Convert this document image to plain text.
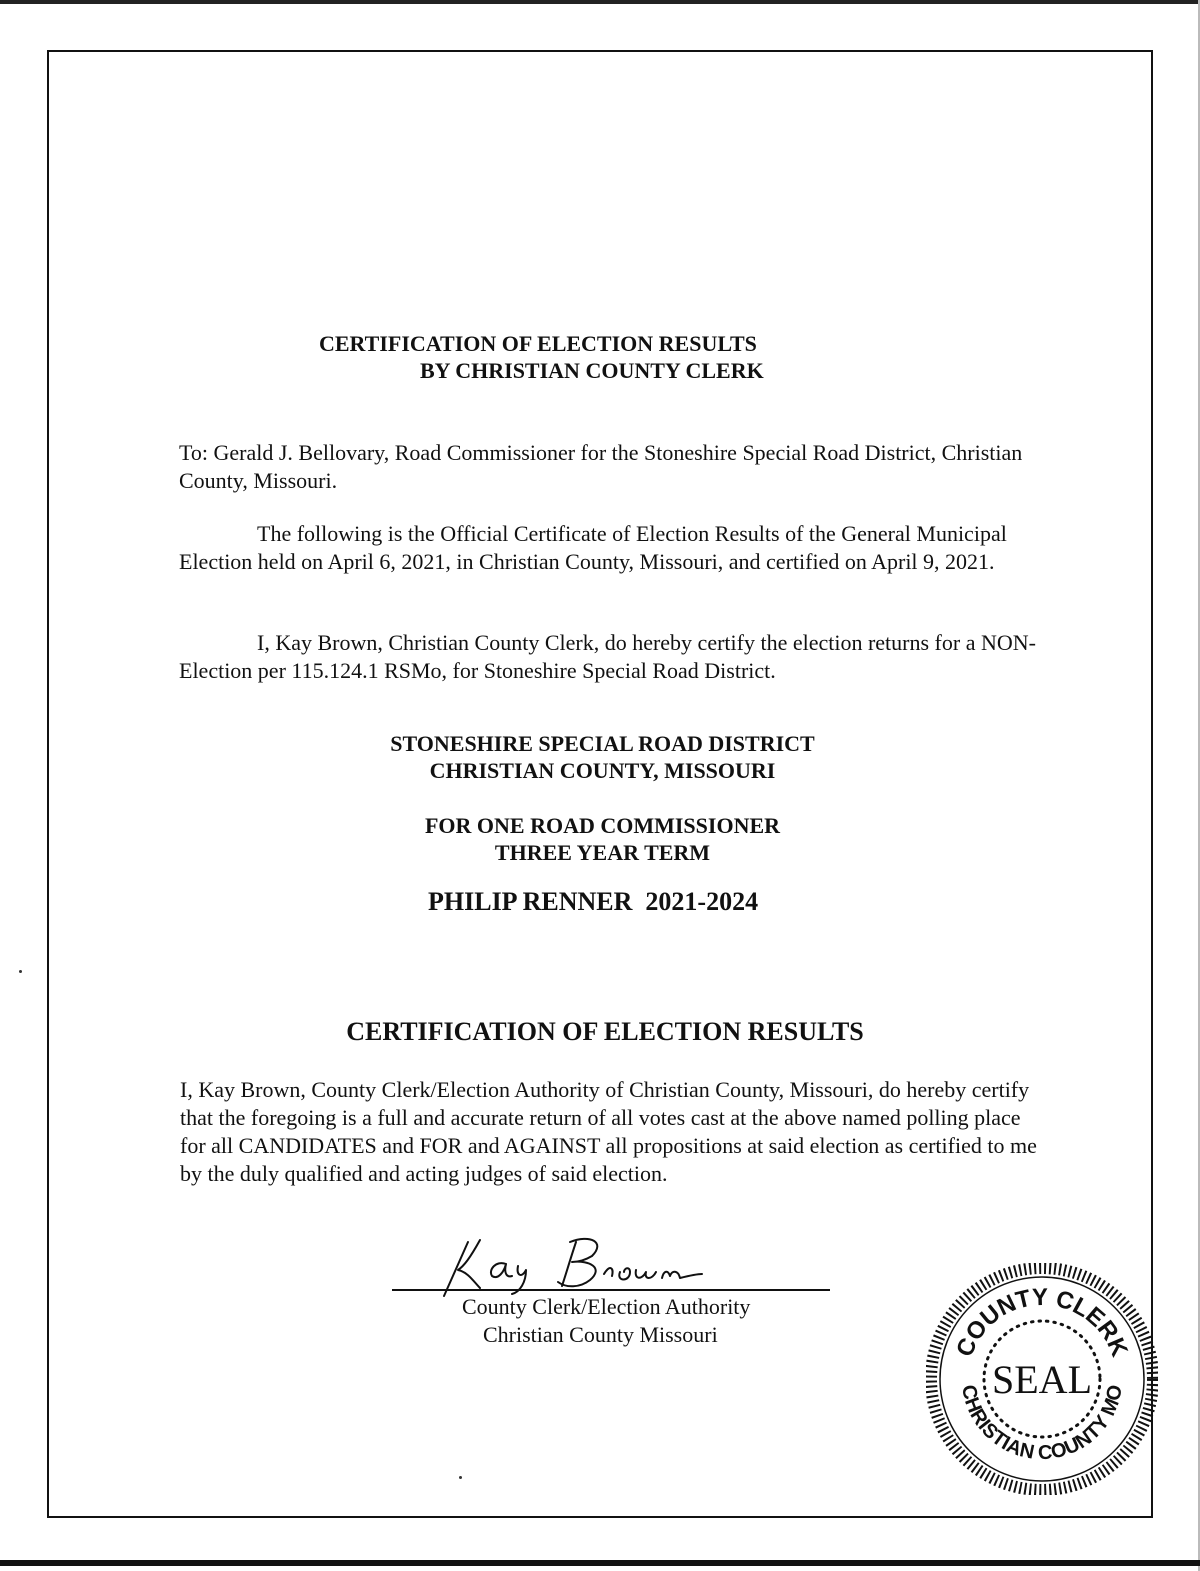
CERTIFICATION OF ELECTION RESULTS
BY CHRISTIAN COUNTY CLERK

To: Gerald J. Bellovary, Road Commissioner for the Stoneshire Special Road District, Christian County, Missouri.

The following is the Official Certificate of Election Results of the General Municipal Election held on April 6, 2021, in Christian County, Missouri, and certified on April 9, 2021.

I, Kay Brown, Christian County Clerk, do hereby certify the election returns for a NON-Election per 115.124.1 RSMo, for Stoneshire Special Road District.

STONESHIRE SPECIAL ROAD DISTRICT
CHRISTIAN COUNTY, MISSOURI
FOR ONE ROAD COMMISSIONER
THREE YEAR TERM
PHILIP RENNER  2021-2024
CERTIFICATION OF ELECTION RESULTS

I, Kay Brown, County Clerk/Election Authority of Christian County, Missouri, do hereby certify that the foregoing is a full and accurate return of all votes cast at the above named polling place for all CANDIDATES and FOR and AGAINST all propositions at said election as certified to me by the duly qualified and acting judges of said election.

County Clerk/Election Authority
Christian County Missouri	COUNTY CLERK
CHRISTIAN COUNTY MO
SEAL
